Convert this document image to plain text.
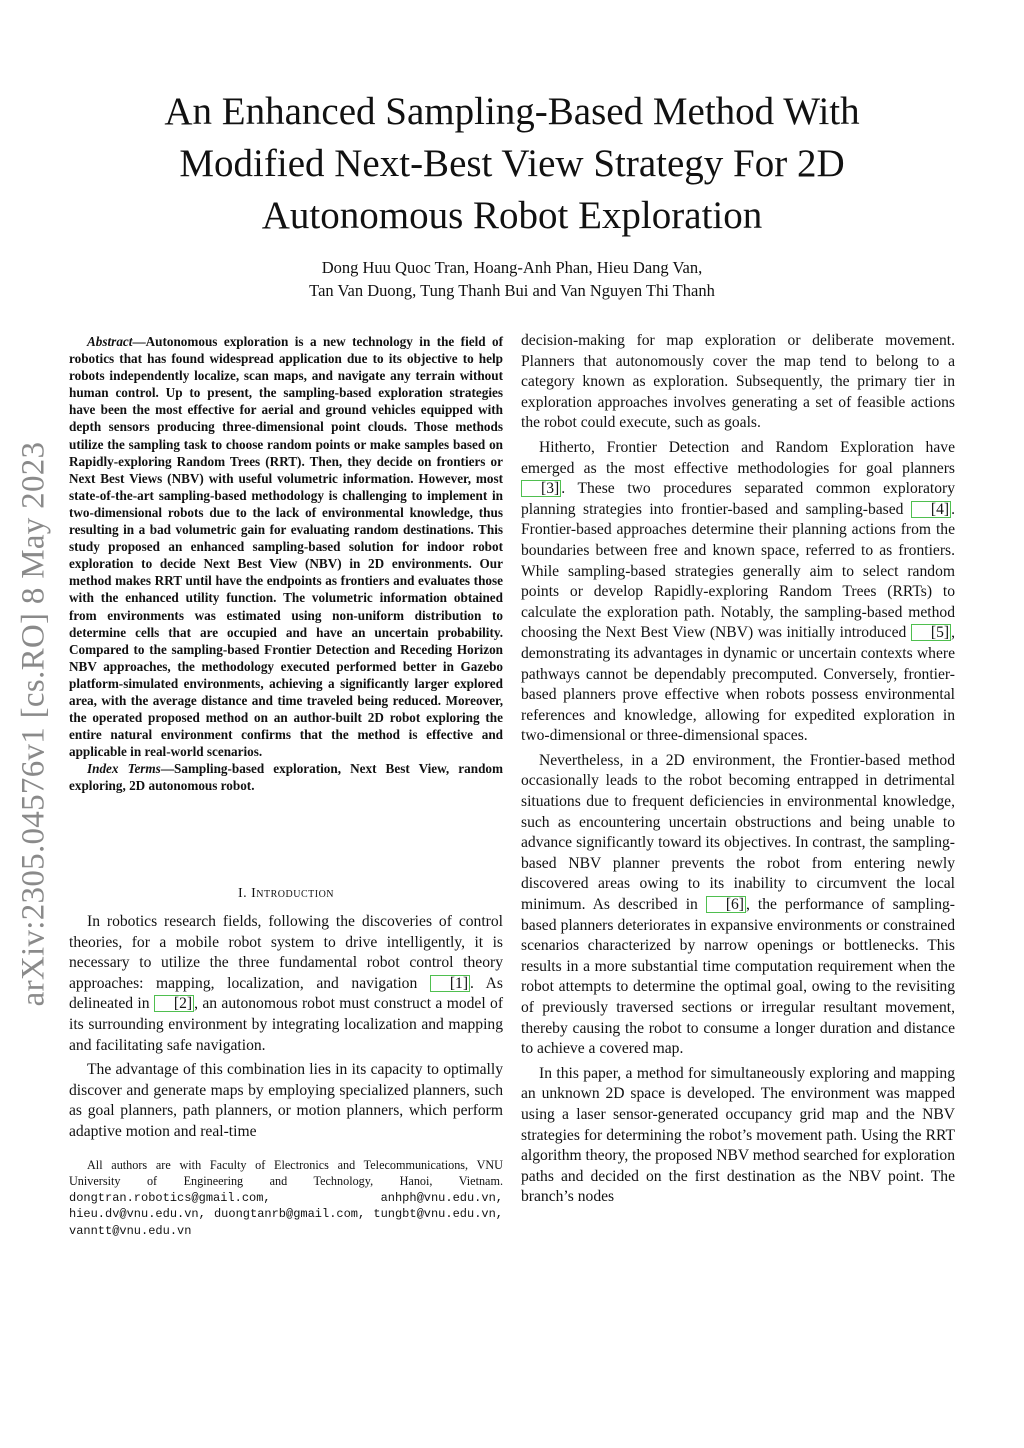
arXiv:2305.04576v1 [cs.RO] 8 May 2023
An Enhanced Sampling-Based Method With
Modified Next-Best View Strategy For 2D
Autonomous Robot Exploration
Dong Huu Quoc Tran, Hoang-Anh Phan, Hieu Dang Van,
Tan Van Duong, Tung Thanh Bui and Van Nguyen Thi Thanh
Abstract—Autonomous exploration is a new technology in the field of robotics that has found widespread application due to its objective to help robots independently localize, scan maps, and navigate any terrain without human control. Up to present, the sampling-based exploration strategies have been the most effective for aerial and ground vehicles equipped with depth sensors producing three-dimensional point clouds. Those methods utilize the sampling task to choose random points or make samples based on Rapidly-exploring Random Trees (RRT). Then, they decide on frontiers or Next Best Views (NBV) with useful volumetric information. However, most state-of-the-art sampling-based methodology is challenging to implement in two-dimensional robots due to the lack of environmental knowledge, thus resulting in a bad volumetric gain for evaluating random destinations. This study proposed an enhanced sampling-based solution for indoor robot exploration to decide Next Best View (NBV) in 2D environments. Our method makes RRT until have the endpoints as frontiers and evaluates those with the enhanced utility function. The volumetric information obtained from environments was estimated using non-uniform distribution to determine cells that are occupied and have an uncertain probability. Compared to the sampling-based Frontier Detection and Receding Horizon NBV approaches, the methodology executed performed better in Gazebo platform-simulated environments, achieving a significantly larger explored area, with the average distance and time traveled being reduced. Moreover, the operated proposed method on an author-built 2D robot exploring the entire natural environment confirms that the method is effective and applicable in real-world scenarios.
Index Terms—Sampling-based exploration, Next Best View, random exploring, 2D autonomous robot.
I. Introduction

In robotics research fields, following the discoveries of control theories, for a mobile robot system to drive intelligently, it is necessary to utilize the three fundamental robot control theory approaches: mapping, localization, and navigation [1] . As delineated in [2] , an autonomous robot must construct a model of its surrounding environment by integrating localization and mapping and facilitating safe navigation.

The advantage of this combination lies in its capacity to optimally discover and generate maps by employing specialized planners, such as goal planners, path planners, or motion planners, which perform adaptive motion and real-time

All authors are with Faculty of Electronics and Telecommunications, VNU University of Engineering and Technology, Hanoi, Vietnam. dongtran.robotics@gmail.com, anhph@vnu.edu.vn, hieu.dv@vnu.edu.vn, duongtanrb@gmail.com, tungbt@vnu.edu.vn, vanntt@vnu.edu.vn

decision-making for map exploration or deliberate movement. Planners that autonomously cover the map tend to belong to a category known as exploration. Subsequently, the primary tier in exploration approaches involves generating a set of feasible actions the robot could execute, such as goals.

Hitherto, Frontier Detection and Random Exploration have emerged as the most effective methodologies for goal planners [3] . These two procedures separated common exploratory planning strategies into frontier-based and sampling-based [4] . Frontier-based approaches determine their planning actions from the boundaries between free and known space, referred to as frontiers. While sampling-based strategies generally aim to select random points or develop Rapidly-exploring Random Trees (RRTs) to calculate the exploration path. Notably, the sampling-based method choosing the Next Best View (NBV) was initially introduced [5] , demonstrating its advantages in dynamic or uncertain contexts where pathways cannot be dependably precomputed. Conversely, frontier-based planners prove effective when robots possess environmental references and knowledge, allowing for expedited exploration in two-dimensional or three-dimensional spaces.

Nevertheless, in a 2D environment, the Frontier-based method occasionally leads to the robot becoming entrapped in detrimental situations due to frequent deficiencies in environmental knowledge, such as encountering uncertain obstructions and being unable to advance significantly toward its objectives. In contrast, the sampling-based NBV planner prevents the robot from entering newly discovered areas owing to its inability to circumvent the local minimum. As described in [6] , the performance of sampling-based planners deteriorates in expansive environments or constrained scenarios characterized by narrow openings or bottlenecks. This results in a more substantial time computation requirement when the robot attempts to determine the optimal goal, owing to the revisiting of previously traversed sections or irregular resultant movement, thereby causing the robot to consume a longer duration and distance to achieve a covered map.

In this paper, a method for simultaneously exploring and mapping an unknown 2D space is developed. The environment was mapped using a laser sensor-generated occupancy grid map and the NBV strategies for determining the robot’s movement path. Using the RRT algorithm theory, the proposed NBV method searched for exploration paths and decided on the first destination as the NBV point. The branch’s nodes
